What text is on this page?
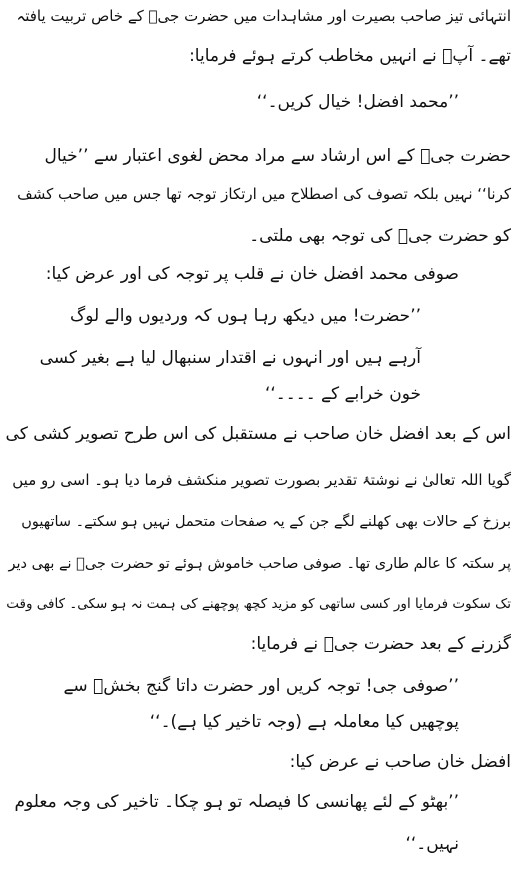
انتہائی تیز صاحب بصیرت اور مشاہدات میں حضرت جیؒ کے خاص تربیت یافتہ
تھے۔ آپؒ نے انہیں مخاطب کرتے ہوئے فرمایا:
’’محمد افضل! خیال کریں۔‘‘
حضرت جیؒ کے اس ارشاد سے مراد محض لغوی اعتبار سے ’’خیال
کرنا‘‘ نہیں بلکہ تصوف کی اصطلاح میں ارتکاز توجہ تھا جس میں صاحب کشف
کو حضرت جیؒ کی توجہ بھی ملتی۔
صوفی محمد افضل خان نے قلب پر توجہ کی اور عرض کیا:
’’حضرت! میں دیکھ رہا ہوں کہ وردیوں والے لوگ
آرہے ہیں اور انہوں نے اقتدار سنبھال لیا ہے بغیر کسی
خون خرابے کے ۔۔۔۔‘‘
اس کے بعد افضل خان صاحب نے مستقبل کی اس طرح تصویر کشی کی
گویا اللہ تعالیٰ نے نوشتۂ تقدیر بصورت تصویر منکشف فرما دیا ہو۔ اسی رو میں
برزخ کے حالات بھی کھلنے لگے جن کے یہ صفحات متحمل نہیں ہو سکتے۔ ساتھیوں
پر سکتہ کا عالم طاری تھا۔ صوفی صاحب خاموش ہوئے تو حضرت جیؒ نے بھی دیر
تک سکوت فرمایا اور کسی ساتھی کو مزید کچھ پوچھنے کی ہمت نہ ہو سکی۔ کافی وقت
گزرنے کے بعد حضرت جیؒ نے فرمایا:
’’صوفی جی! توجہ کریں اور حضرت داتا گنج بخشؒ سے
پوچھیں کیا معاملہ ہے (وجہ تاخیر کیا ہے)۔‘‘
افضل خان صاحب نے عرض کیا:
’’بھٹو کے لئے پھانسی کا فیصلہ تو ہو چکا۔ تاخیر کی وجہ معلوم
نہیں۔‘‘
